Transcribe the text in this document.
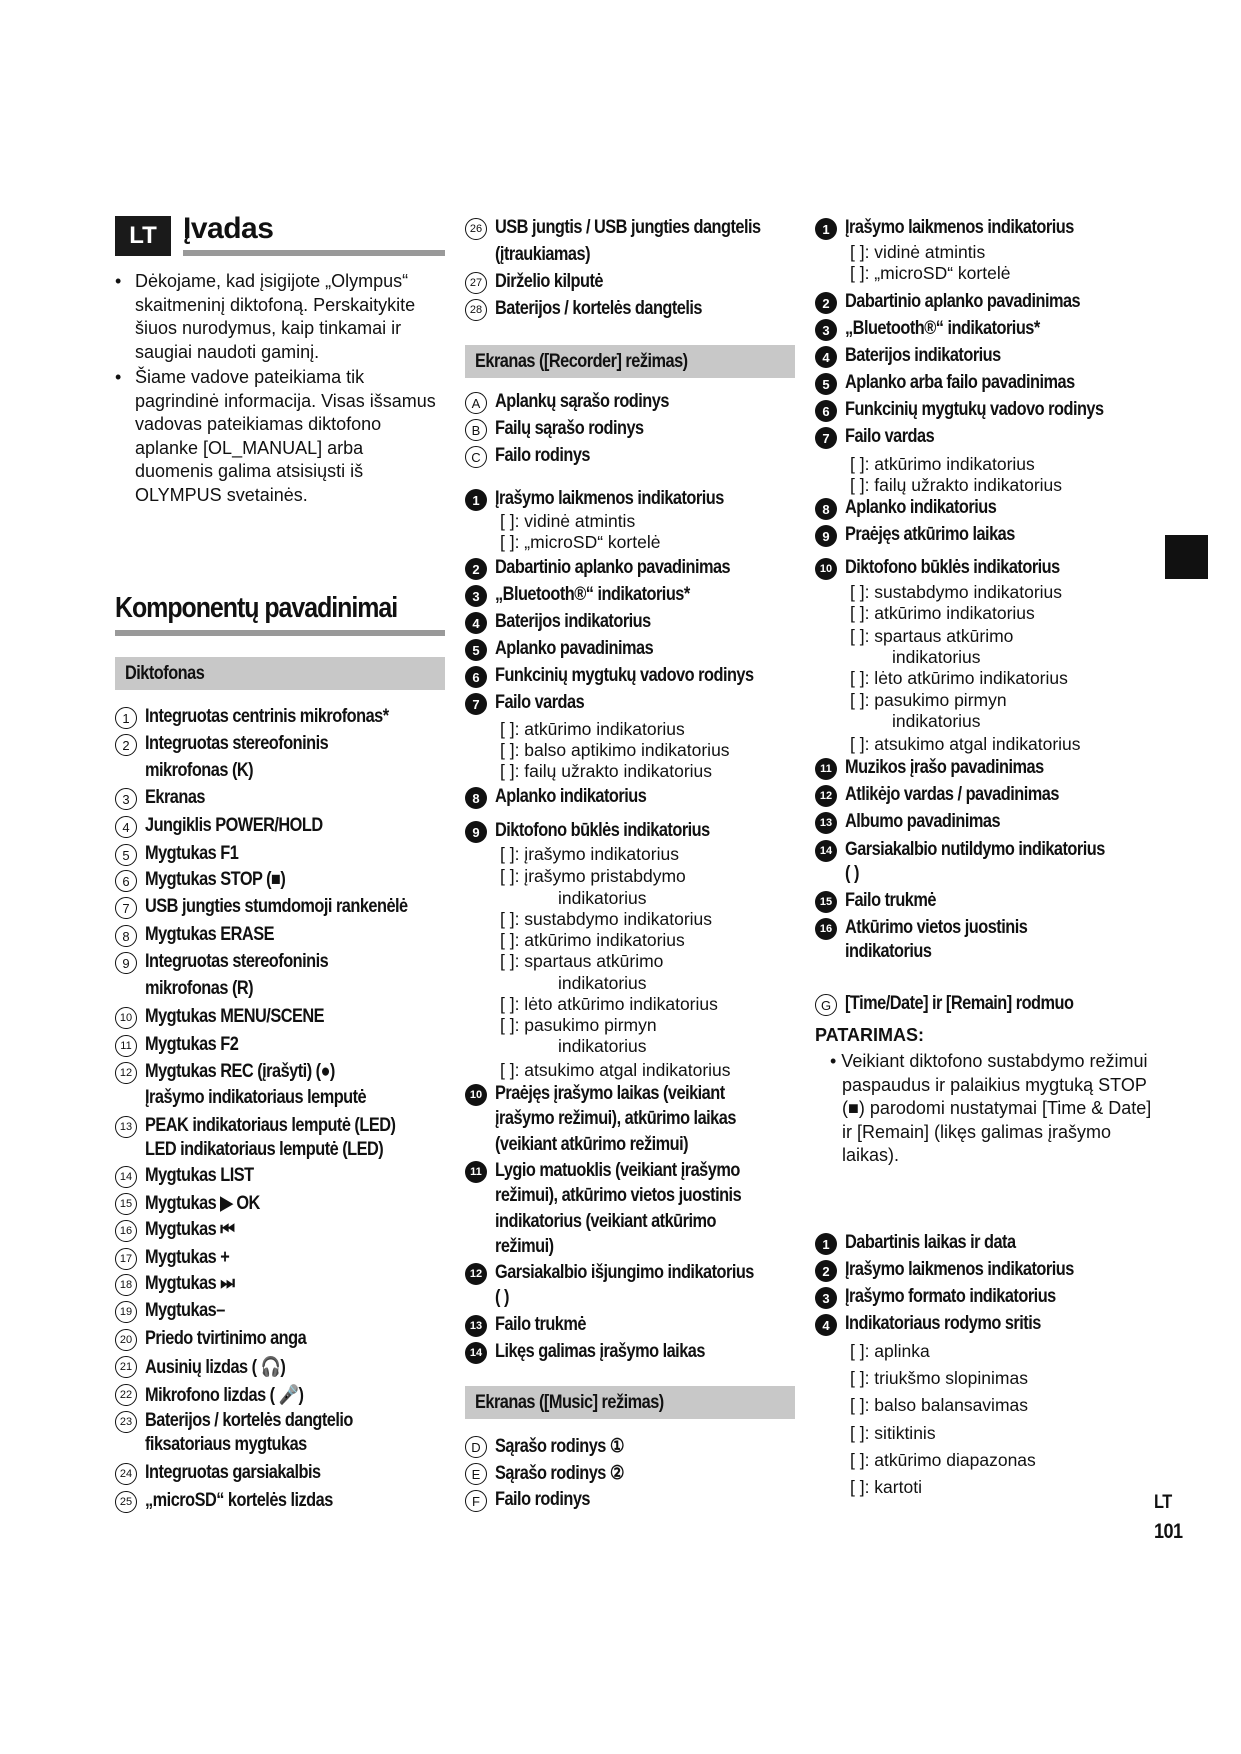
LT Įvadas
• Dėkojame, kad įsigijote „Olympus“ skaitmeninį diktofoną. Perskaitykite šiuos nurodymus, kaip tinkamai ir saugiai naudoti gaminį.
• Šiame vadove pateikiama tik pagrindinė informacija. Visas išsamus vadovas pateikiamas diktofono aplanke [OL_MANUAL] arba duomenis galima atsisiųsti iš OLYMPUS svetainės.
Komponentų pavadinimai
Diktofonas
1 Integruotas centrinis mikrofonas*
2 Integruotas stereofoninis
mikrofonas (K)
3 Ekranas
4 Jungiklis POWER/HOLD
5 Mygtukas F1
6 Mygtukas STOP (■)
7 USB jungties stumdomoji rankenėlė
8 Mygtukas ERASE
9 Integruotas stereofoninis
mikrofonas (R)
10 Mygtukas MENU/SCENE
11 Mygtukas F2
12 Mygtukas REC (įrašyti) (●)
Įrašymo indikatoriaus lemputė
13 PEAK indikatoriaus lemputė (LED)
LED indikatoriaus lemputė (LED)
14 Mygtukas LIST
15 Mygtukas ▶ OK
16 Mygtukas ⏮
17 Mygtukas +
18 Mygtukas ⏭
19 Mygtukas–
20 Priedo tvirtinimo anga
21 Ausinių lizdas ( 🎧)
22 Mikrofono lizdas ( 🎤)
23 Baterijos / kortelės dangtelio
fiksatoriaus mygtukas
24 Integruotas garsiakalbis
25 „microSD“ kortelės lizdas
26 USB jungtis / USB jungties dangtelis
(įtraukiamas)
27 Dirželio kilputė
28 Baterijos / kortelės dangtelis
Ekranas ([Recorder] režimas)
A Aplankų sąrašo rodinys
B Failų sąrašo rodinys
C Failo rodinys
1 Įrašymo laikmenos indikatorius
[ ]: vidinė atmintis
[ ]: „microSD“ kortelė
2 Dabartinio aplanko pavadinimas
3 „Bluetooth®“ indikatorius*
4 Baterijos indikatorius
5 Aplanko pavadinimas
6 Funkcinių mygtukų vadovo rodinys
7 Failo vardas
[ ]: atkūrimo indikatorius
[ ]: balso aptikimo indikatorius
[ ]: failų užrakto indikatorius
8 Aplanko indikatorius
9 Diktofono būklės indikatorius
[ ]: įrašymo indikatorius
[ ]: įrašymo pristabdymo
indikatorius
[ ]: sustabdymo indikatorius
[ ]: atkūrimo indikatorius
[ ]: spartaus atkūrimo
indikatorius
[ ]: lėto atkūrimo indikatorius
[ ]: pasukimo pirmyn
indikatorius
[ ]: atsukimo atgal indikatorius
10 Praėjęs įrašymo laikas (veikiant
įrašymo režimui), atkūrimo laikas
(veikiant atkūrimo režimui)
11 Lygio matuoklis (veikiant įrašymo
režimui), atkūrimo vietos juostinis
indikatorius (veikiant atkūrimo
režimui)
12 Garsiakalbio išjungimo indikatorius
( )
13 Failo trukmė
14 Likęs galimas įrašymo laikas
Ekranas ([Music] režimas)
D Sąrašo rodinys ①
E Sąrašo rodinys ②
F Failo rodinys
1 Įrašymo laikmenos indikatorius
[ ]: vidinė atmintis
[ ]: „microSD“ kortelė
2 Dabartinio aplanko pavadinimas
3 „Bluetooth®“ indikatorius*
4 Baterijos indikatorius
5 Aplanko arba failo pavadinimas
6 Funkcinių mygtukų vadovo rodinys
7 Failo vardas
[ ]: atkūrimo indikatorius
[ ]: failų užrakto indikatorius
8 Aplanko indikatorius
9 Praėjęs atkūrimo laikas
10 Diktofono būklės indikatorius
[ ]: sustabdymo indikatorius
[ ]: atkūrimo indikatorius
[ ]: spartaus atkūrimo
indikatorius
[ ]: lėto atkūrimo indikatorius
[ ]: pasukimo pirmyn
indikatorius
[ ]: atsukimo atgal indikatorius
11 Muzikos įrašo pavadinimas
12 Atlikėjo vardas / pavadinimas
13 Albumo pavadinimas
14 Garsiakalbio nutildymo indikatorius
( )
15 Failo trukmė
16 Atkūrimo vietos juostinis
indikatorius
G [Time/Date] ir [Remain] rodmuo
PATARIMAS:
• Veikiant diktofono sustabdymo režimui paspaudus ir palaikius mygtuką STOP (■) parodomi nustatymai [Time & Date] ir [Remain] (likęs galimas įrašymo laikas).
1 Dabartinis laikas ir data
2 Įrašymo laikmenos indikatorius
3 Įrašymo formato indikatorius
4 Indikatoriaus rodymo sritis
[ ]: aplinka
[ ]: triukšmo slopinimas
[ ]: balso balansavimas
[ ]: sitiktinis
[ ]: atkūrimo diapazonas
[ ]: kartoti
LT
101
